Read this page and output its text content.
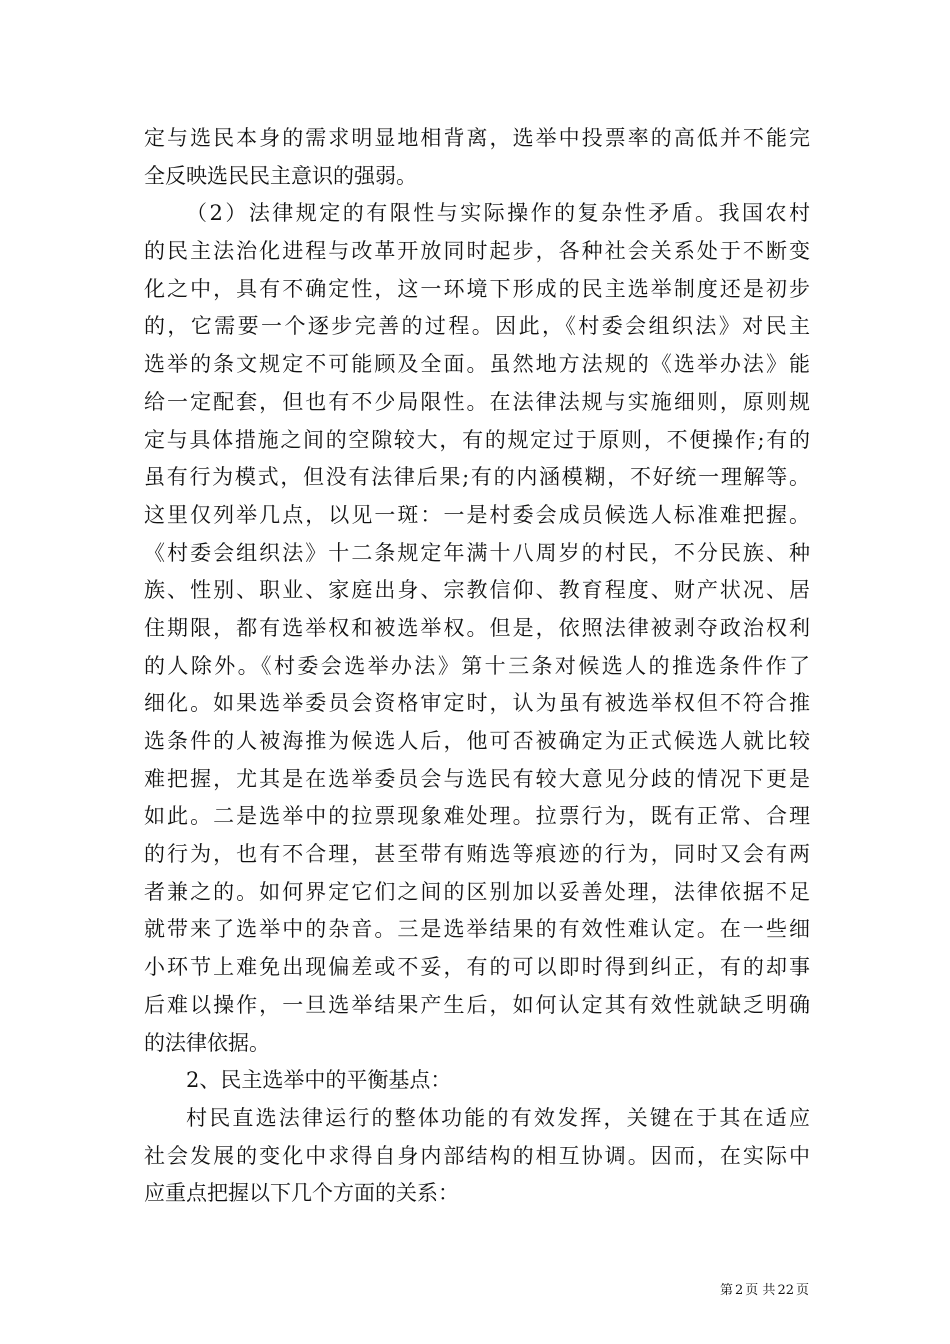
定与选民本身的需求明显地相背离，选举中投票率的高低并不能完
全反映选民民主意识的强弱。
（2）法律规定的有限性与实际操作的复杂性矛盾。我国农村
的民主法治化进程与改革开放同时起步，各种社会关系处于不断变
化之中，具有不确定性，这一环境下形成的民主选举制度还是初步
的，它需要一个逐步完善的过程。因此，《村委会组织法》对民主
选举的条文规定不可能顾及全面。虽然地方法规的《选举办法》能
给一定配套，但也有不少局限性。在法律法规与实施细则，原则规
定与具体措施之间的空隙较大，有的规定过于原则，不便操作;有的
虽有行为模式，但没有法律后果;有的内涵模糊，不好统一理解等。
这里仅列举几点，以见一斑：一是村委会成员候选人标准难把握。
《村委会组织法》十二条规定年满十八周岁的村民，不分民族、种
族、性别、职业、家庭出身、宗教信仰、教育程度、财产状况、居
住期限，都有选举权和被选举权。但是，依照法律被剥夺政治权利
的人除外。《村委会选举办法》第十三条对候选人的推选条件作了
细化。如果选举委员会资格审定时，认为虽有被选举权但不符合推
选条件的人被海推为候选人后，他可否被确定为正式候选人就比较
难把握，尤其是在选举委员会与选民有较大意见分歧的情况下更是
如此。二是选举中的拉票现象难处理。拉票行为，既有正常、合理
的行为，也有不合理，甚至带有贿选等痕迹的行为，同时又会有两
者兼之的。如何界定它们之间的区别加以妥善处理，法律依据不足
就带来了选举中的杂音。三是选举结果的有效性难认定。在一些细
小环节上难免出现偏差或不妥，有的可以即时得到纠正，有的却事
后难以操作，一旦选举结果产生后，如何认定其有效性就缺乏明确
的法律依据。
2、民主选举中的平衡基点：
村民直选法律运行的整体功能的有效发挥，关键在于其在适应
社会发展的变化中求得自身内部结构的相互协调。因而，在实际中
应重点把握以下几个方面的关系：
第 2 页 共 22 页
